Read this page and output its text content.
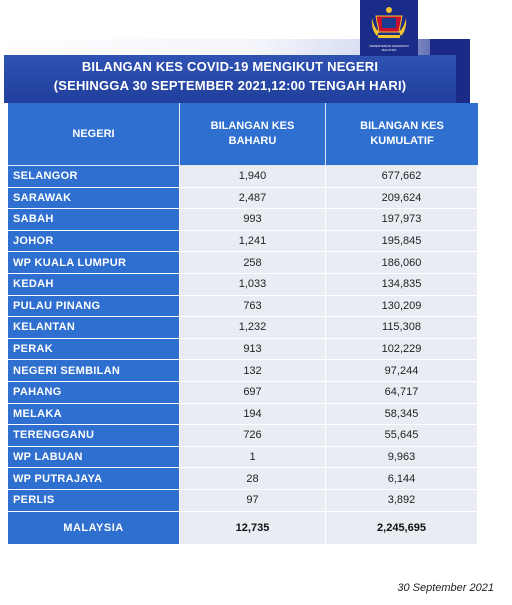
BILANGAN KES COVID-19 MENGIKUT NEGERI
(SEHINGGA 30 SEPTEMBER 2021,12:00 TENGAH HARI)
KEMENTERIAN KESIHATAN MALAYSIA
NEGERI	BILANGAN KES BAHARU	BILANGAN KES KUMULATIF

SELANGOR	1,940	677,662
SARAWAK	2,487	209,624
SABAH	993	197,973
JOHOR	1,241	195,845
WP KUALA LUMPUR	258	186,060
KEDAH	1,033	134,835
PULAU PINANG	763	130,209
KELANTAN	1,232	115,308
PERAK	913	102,229
NEGERI SEMBILAN	132	97,244
PAHANG	697	64,717
MELAKA	194	58,345
TERENGGANU	726	55,645
WP LABUAN	1	9,963
WP PUTRAJAYA	28	6,144
PERLIS	97	3,892
MALAYSIA	12,735	2,245,695
30 September 2021
